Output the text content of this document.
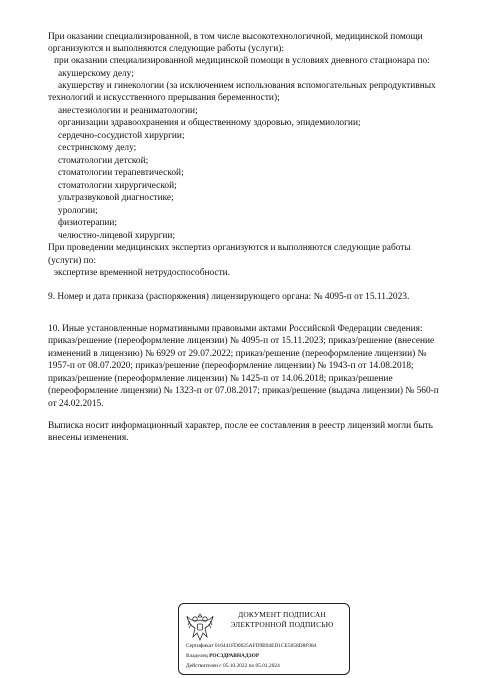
При оказании специализированной, в том числе высокотехнологичной, медицинской помощи
организуются и выполняются следующие работы (услуги):
при оказании специализированной медицинской помощи в условиях дневного стационара по:
акушерскому делу;
акушерству и гинекологии (за исключением использования вспомогательных репродуктивных
технологий и искусственного прерывания беременности);
анестезиологии и реаниматологии;
организации здравоохранения и общественному здоровью, эпидемиологии;
сердечно-сосудистой хирургии;
сестринскому делу;
стоматологии детской;
стоматологии терапевтической;
стоматологии хирургической;
ультразвуковой диагностике;
урологии;
физиотерапии;
челюстно-лицевой хирургии;
При проведении медицинских экспертиз организуются и выполняются следующие работы
(услуги) по:
экспертизе временной нетрудоспособности.
9. Номер и дата приказа (распоряжения) лицензирующего органа: № 4095-п от 15.11.2023.
10. Иные установленные нормативными правовыми актами Российской Федерации сведения:
приказ/решение (переоформление лицензии) № 4095-п от 15.11.2023; приказ/решение (внесение
изменений в лицензию) № 6929 от 29.07.2022; приказ/решение (переоформление лицензии) №
1957-п от 08.07.2020; приказ/решение (переоформление лицензии) № 1943-п от 14.08.2018;
приказ/решение (переоформление лицензии) № 1425-п от 14.06.2018; приказ/решение
(переоформление лицензии) № 1323-п от 07.08.2017; приказ/решение (выдача лицензии) № 560-п
от 24.02.2015.
Выписка носит информационный характер, после ее составления в реестр лицензий могли быть
внесены изменения.
ДОКУМЕНТ ПОДПИСАН
ЭЛЕКТРОННОЙ ПОДПИСЬЮ
Сертификат 016441FD0025AFD9B94ED1CE5058D8F984
Владелец РОСЗДРАВНАДЗОР
Действителен с 05.10.2022 по 05.01.2024
